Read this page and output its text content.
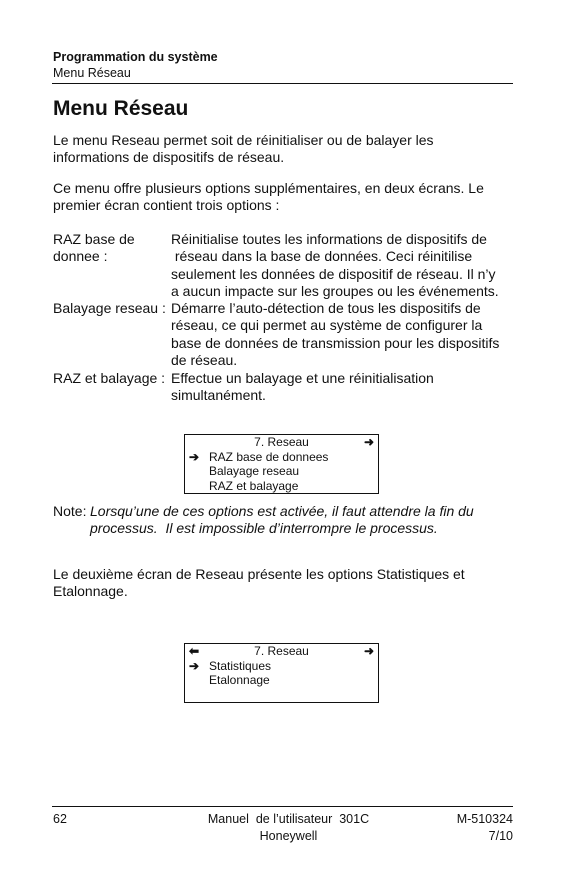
Programmation du système
Menu Réseau
Menu Réseau
Le menu Reseau permet soit de réinitialiser ou de balayer les
informations de dispositifs de réseau.
Ce menu offre plusieurs options supplémentaires, en deux écrans. Le
premier écran contient trois options :
RAZ base de
donnee :
Réinitialise toutes les informations de dispositifs de
réseau dans la base de données. Ceci réinitilise
seulement les données de dispositif de réseau. Il n’y
a aucun impacte sur les groupes ou les événements.
Balayage reseau : Démarre l’auto-détection de tous les dispositifs de
réseau, ce qui permet au système de configurer la
base de données de transmission pour les dispositifs
de réseau.
RAZ et balayage : Effectue un balayage et une réinitialisation
simultanément.
7. Reseau	➜
➔ RAZ base de donnees
Balayage reseau
RAZ et balayage
Note: Lorsqu’une de ces options est activée, il faut attendre la fin du
processus. Il est impossible d’interrompre le processus.
Le deuxième écran de Reseau présente les options Statistiques et
Etalonnage.
⬅	7. Reseau	➜
➔ Statistiques
Etalonnage
62	Manuel  de l’utilisateur  301C
Honeywell
M-510324
7/10
